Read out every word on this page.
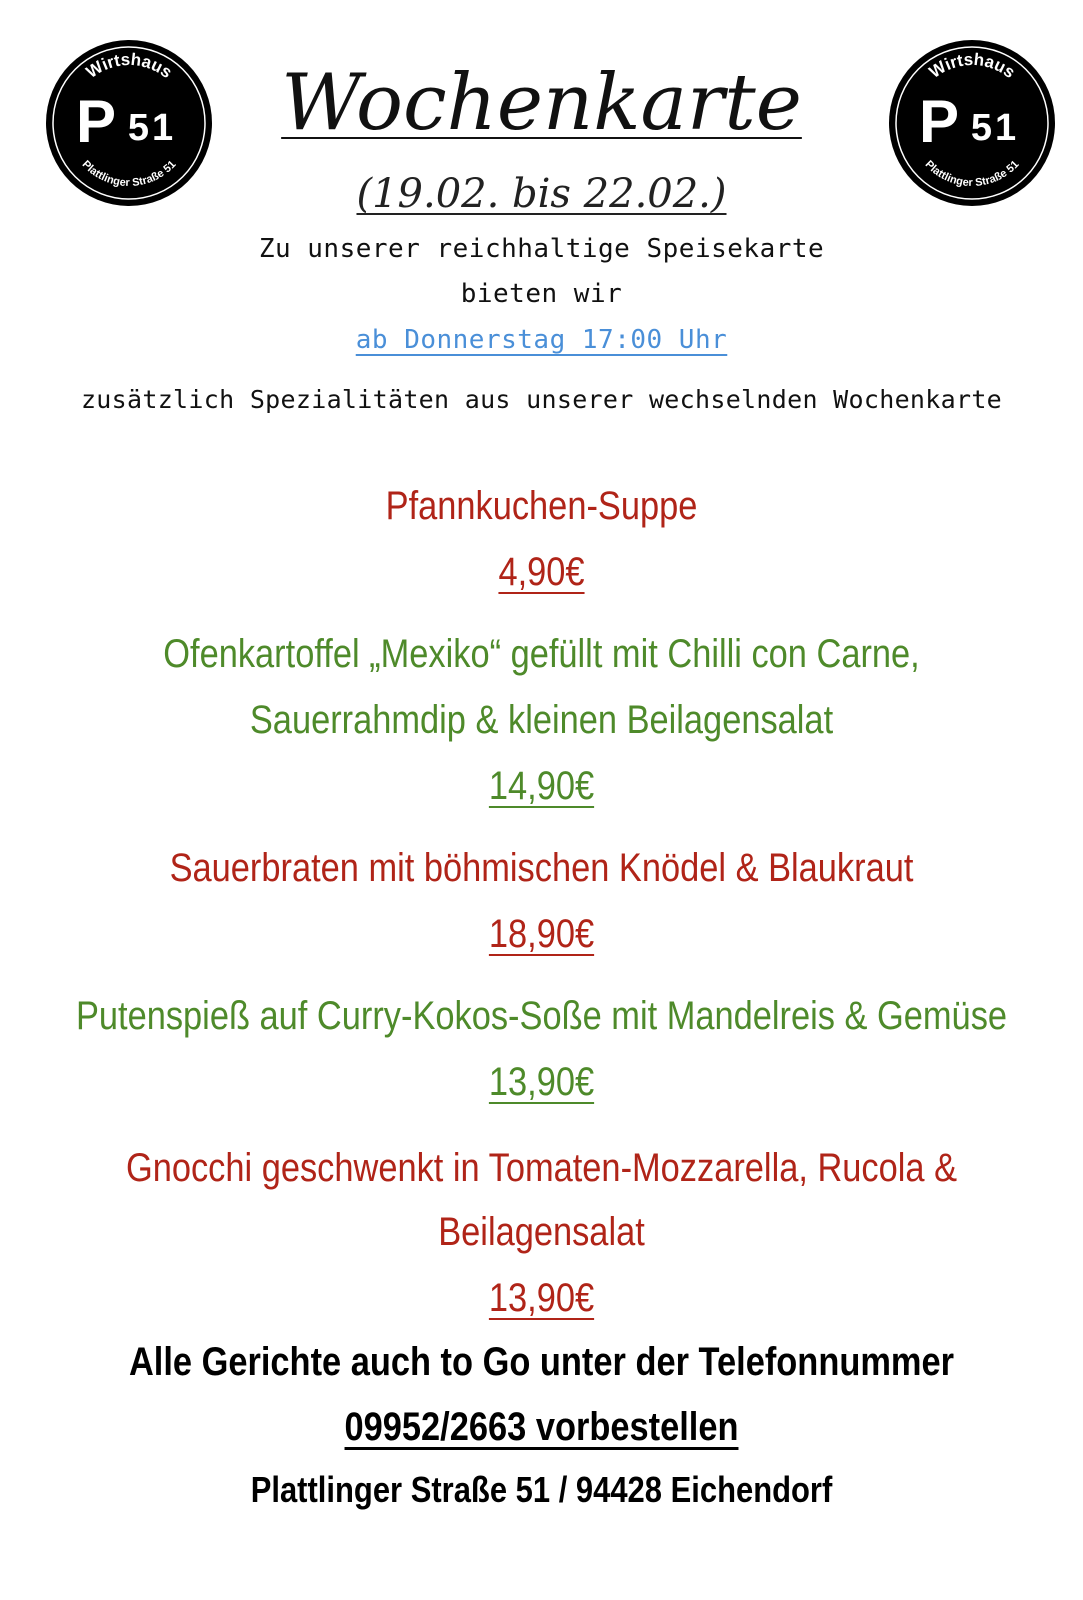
Wirtshaus
P 51
Plattlinger Straße 51
Wirtshaus
P 51
Plattlinger Straße 51
Wochenkarte
(19.02. bis 22.02.)
Zu unserer reichhaltige Speisekarte
bieten wir
ab Donnerstag 17:00 Uhr
zusätzlich Spezialitäten aus unserer wechselnden Wochenkarte
Pfannkuchen-Suppe
4,90€
Ofenkartoffel „Mexiko“ gefüllt mit Chilli con Carne,
Sauerrahmdip & kleinen Beilagensalat
14,90€
Sauerbraten mit böhmischen Knödel & Blaukraut
18,90€
Putenspieß auf Curry-Kokos-Soße mit Mandelreis & Gemüse
13,90€
Gnocchi geschwenkt in Tomaten-Mozzarella, Rucola &
Beilagensalat
13,90€
Alle Gerichte auch to Go unter der Telefonnummer
09952/2663 vorbestellen
Plattlinger Straße 51 / 94428 Eichendorf
